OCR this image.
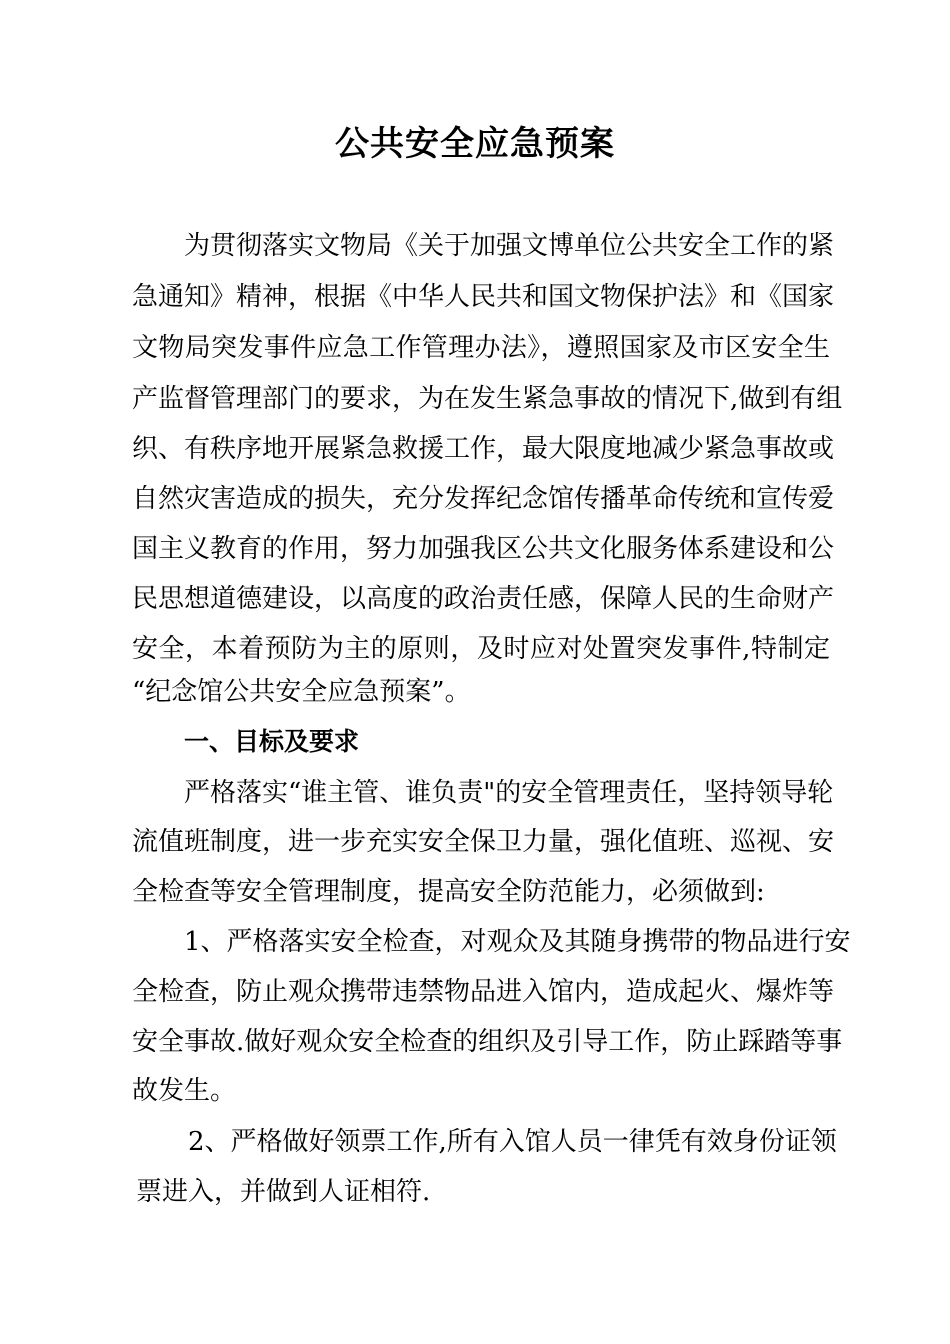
公共安全应急预案
为贯彻落实文物局《关于加强文博单位公共安全工作的紧
急通知》精神，根据《中华人民共和国文物保护法》和《国家
文物局突发事件应急工作管理办法》，遵照国家及市区安全生
产监督管理部门的要求，为在发生紧急事故的情况下,做到有组
织、有秩序地开展紧急救援工作，最大限度地减少紧急事故或
自然灾害造成的损失，充分发挥纪念馆传播革命传统和宣传爱
国主义教育的作用，努力加强我区公共文化服务体系建设和公
民思想道德建设，以高度的政治责任感，保障人民的生命财产
安全，本着预防为主的原则，及时应对处置突发事件,特制定
“纪念馆公共安全应急预案”。
一、目标及要求
严格落实“谁主管、谁负责"的安全管理责任，坚持领导轮
流值班制度，进一步充实安全保卫力量，强化值班、巡视、安
全检查等安全管理制度，提高安全防范能力，必须做到:
1、严格落实安全检查，对观众及其随身携带的物品进行安
全检查，防止观众携带违禁物品进入馆内，造成起火、爆炸等
安全事故.做好观众安全检查的组织及引导工作，防止踩踏等事
故发生。
2、严格做好领票工作,所有入馆人员一律凭有效身份证领
票进入，并做到人证相符.
